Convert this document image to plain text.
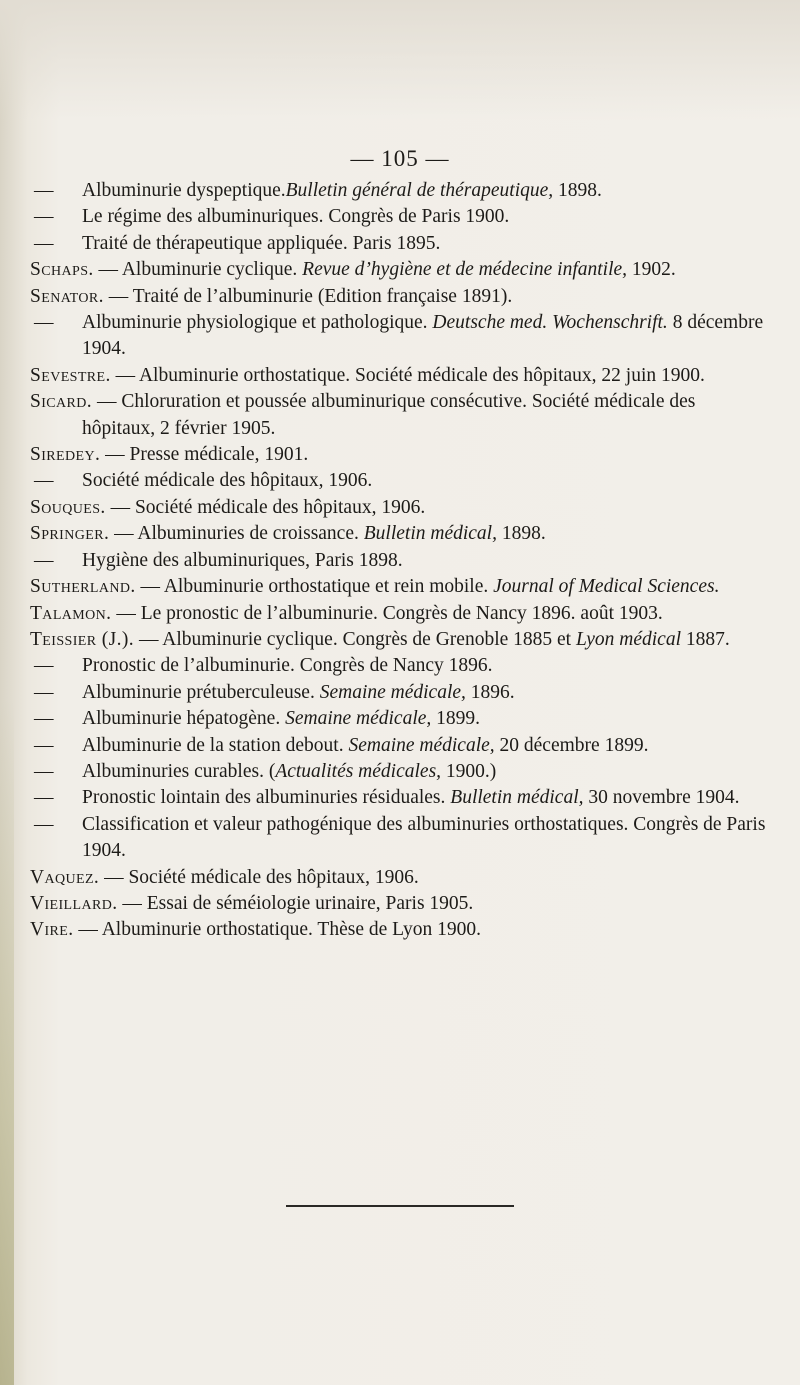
— 105 —
— Albuminurie dyspeptique.Bulletin général de thérapeutique, 1898.
— Le régime des albuminuriques. Congrès de Paris 1900.
— Traité de thérapeutique appliquée. Paris 1895.
Schaps. — Albuminurie cyclique. Revue d’hygiène et de médecine infantile, 1902.
Senator. — Traité de l’albuminurie (Edition française 1891).
— Albuminurie physiologique et pathologique. Deutsche med. Wochenschrift. 8 décembre 1904.
Sevestre. — Albuminurie orthostatique. Société médicale des hôpitaux, 22 juin 1900.
Sicard. — Chloruration et poussée albuminurique consécutive. Société médicale des hôpitaux, 2 février 1905.
Siredey. — Presse médicale, 1901.
— Société médicale des hôpitaux, 1906.
Souques. — Société médicale des hôpitaux, 1906.
Springer. — Albuminuries de croissance. Bulletin médical, 1898.
— Hygiène des albuminuriques, Paris 1898.
Sutherland. — Albuminurie orthostatique et rein mobile. Journal of Medical Sciences.
Talamon. — Le pronostic de l’albuminurie. Congrès de Nancy 1896. août 1903.
Teissier (J.). — Albuminurie cyclique. Congrès de Grenoble 1885 et Lyon médical 1887.
— Pronostic de l’albuminurie. Congrès de Nancy 1896.
— Albuminurie prétuberculeuse. Semaine médicale, 1896.
— Albuminurie hépatogène. Semaine médicale, 1899.
— Albuminurie de la station debout. Semaine médicale, 20 décembre 1899.
— Albuminuries curables. (Actualités médicales, 1900.)
— Pronostic lointain des albuminuries résiduales. Bulletin médical, 30 novembre 1904.
— Classification et valeur pathogénique des albuminuries orthostatiques. Congrès de Paris 1904.
Vaquez. — Société médicale des hôpitaux, 1906.
Vieillard. — Essai de séméiologie urinaire, Paris 1905.
Vire. — Albuminurie orthostatique. Thèse de Lyon 1900.
